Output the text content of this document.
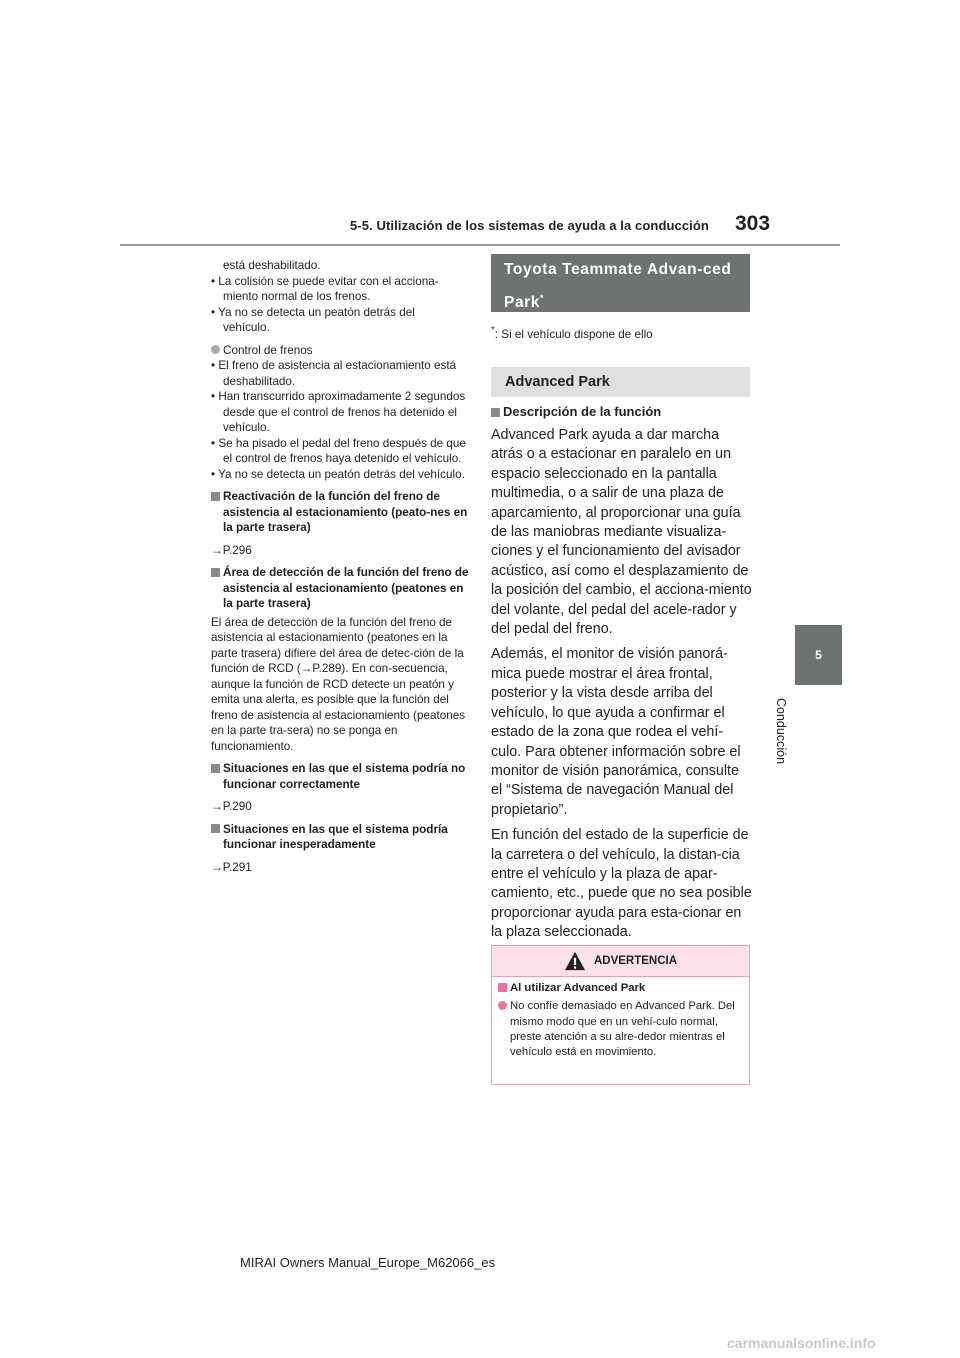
5-5. Utilización de los sistemas de ayuda a la conducción 303
5
Conducción

está deshabilitado.

• La colisión se puede evitar con el acciona-
miento normal de los frenos.

• Ya no se detecta un peatón detrás del
vehículo.

Control de frenos

• El freno de asistencia al estacionamiento está deshabilitado.

• Han transcurrido aproximadamente 2 segundos desde que el control de frenos ha detenido el vehículo.

• Se ha pisado el pedal del freno después de que el control de frenos haya detenido el vehículo.

• Ya no se detecta un peatón detrás del vehículo.

Reactivación de la función del freno de asistencia al estacionamiento (peato-nes en la parte trasera)

→P.296

Área de detección de la función del freno de asistencia al estacionamiento (peatones en la parte trasera)

El área de detección de la función del freno de asistencia al estacionamiento (peatones en la parte trasera) difiere del área de detec-ción de la función de RCD (→P.289). En con-secuencia, aunque la función de RCD detecte un peatón y emita una alerta, es posible que la función del freno de asistencia al estacionamiento (peatones en la parte tra-sera) no se ponga en funcionamiento.

Situaciones en las que el sistema podría no funcionar correctamente

→P.290

Situaciones en las que el sistema podría funcionar inesperadamente

→P.291

Toyota Teammate Advan-ced Park*
*: Si el vehículo dispone de ello
Advanced Park
Descripción de la función

Advanced Park ayuda a dar marcha atrás o a estacionar en paralelo en un espacio seleccionado en la pantalla multimedia, o a salir de una plaza de aparcamiento, al proporcionar una guía de las maniobras mediante visualiza-ciones y el funcionamiento del avisador acústico, así como el desplazamiento de la posición del cambio, el acciona-miento del volante, del pedal del acele-rador y del pedal del freno.

Además, el monitor de visión panorá-mica puede mostrar el área frontal, posterior y la vista desde arriba del vehículo, lo que ayuda a confirmar el estado de la zona que rodea el vehí-culo. Para obtener información sobre el monitor de visión panorámica, consulte el “Sistema de navegación Manual del propietario”.

En función del estado de la superficie de la carretera o del vehículo, la distan-cia entre el vehículo y la plaza de apar-camiento, etc., puede que no sea posible proporcionar ayuda para esta-cionar en la plaza seleccionada.

ADVERTENCIA

Al utilizar Advanced Park

No confíe demasiado en Advanced Park. Del mismo modo que en un vehí-culo normal, preste atención a su alre-dedor mientras el vehículo está en movimiento.

MIRAI Owners Manual_Europe_M62066_es
carmanualsonline.info
